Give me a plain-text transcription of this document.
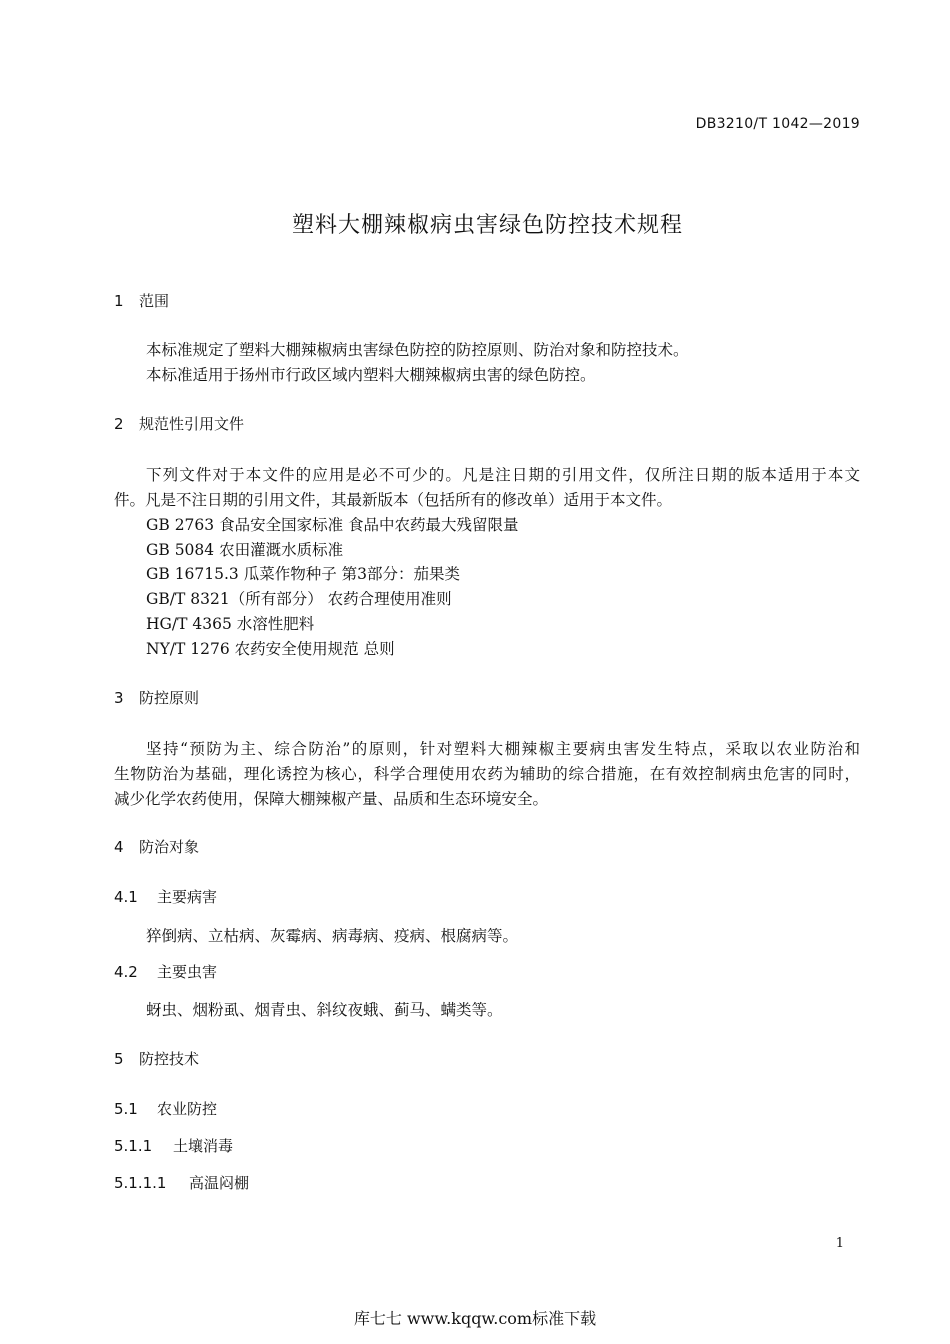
DB3210/T 1042—2019
塑料大棚辣椒病虫害绿色防控技术规程
1 范围
本标准规定了塑料大棚辣椒病虫害绿色防控的防控原则、防治对象和防控技术。
本标准适用于扬州市行政区域内塑料大棚辣椒病虫害的绿色防控。
2 规范性引用文件
下列文件对于本文件的应用是必不可少的。凡是注日期的引用文件，仅所注日期的版本适用于本文
件。凡是不注日期的引用文件，其最新版本（包括所有的修改单）适用于本文件。
GB 2763 食品安全国家标准 食品中农药最大残留限量
GB 5084 农田灌溉水质标准
GB 16715.3 瓜菜作物种子 第3部分：茄果类
GB/T 8321（所有部分） 农药合理使用准则
HG/T 4365 水溶性肥料
NY/T 1276 农药安全使用规范 总则
3 防控原则
坚持“预防为主、综合防治”的原则，针对塑料大棚辣椒主要病虫害发生特点，采取以农业防治和
生物防治为基础，理化诱控为核心，科学合理使用农药为辅助的综合措施，在有效控制病虫危害的同时，
减少化学农药使用，保障大棚辣椒产量、品质和生态环境安全。
4 防治对象
4.1 主要病害
猝倒病、立枯病、灰霉病、病毒病、疫病、根腐病等。
4.2 主要虫害
蚜虫、烟粉虱、烟青虫、斜纹夜蛾、蓟马、螨类等。
5 防控技术
5.1 农业防控
5.1.1 土壤消毒
5.1.1.1 高温闷棚
1
库七七 www.kqqw.com标准下载
